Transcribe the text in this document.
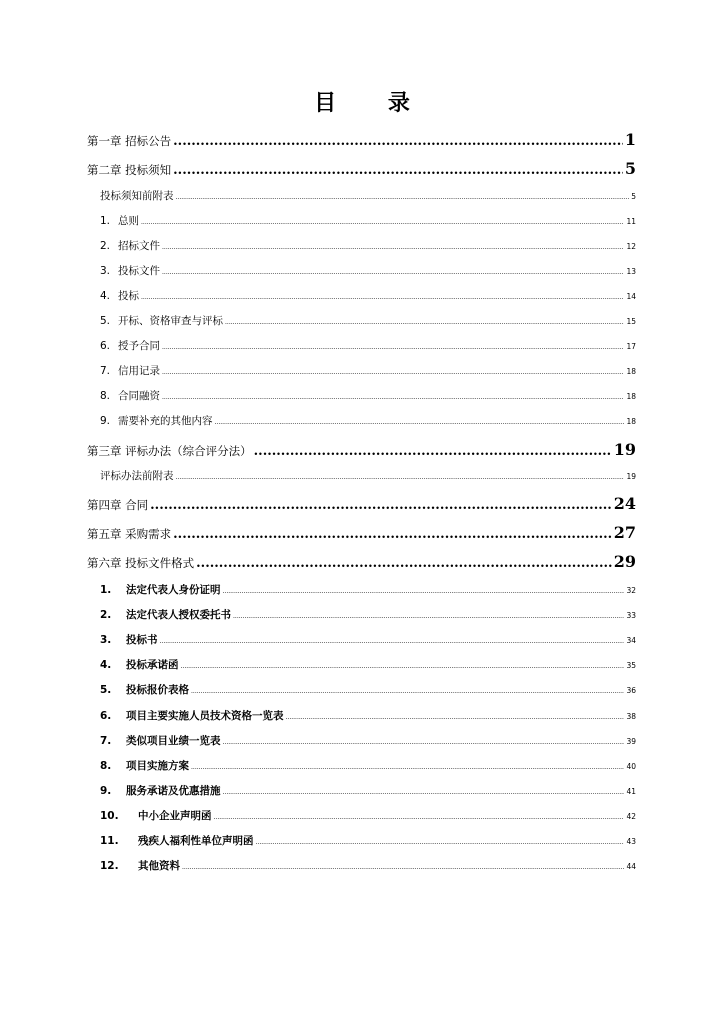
目 录
第一章 招标公告 .....	1
第二章 投标须知 .....	5
投标须知前附表 .....	5
1. 总则 .....	11
2. 招标文件 .....	12
3. 投标文件 .....	13
4. 投标 .....	14
5. 开标、资格审查与评标 .....	15
6. 授予合同 .....	17
7. 信用记录 .....	18
8. 合同融资 .....	18
9. 需要补充的其他内容 .....	18
第三章 评标办法（综合评分法） .....	19
评标办法前附表 .....	19
第四章 合同 .....	24
第五章 采购需求 .....	27
第六章 投标文件格式 .....	29
1. 法定代表人身份证明 .....	32
2. 法定代表人授权委托书 .....	33
3. 投标书 .....	34
4. 投标承诺函 .....	35
5. 投标报价表格 .....	36
6. 项目主要实施人员技术资格一览表 .....	38
7. 类似项目业绩一览表 .....	39
8. 项目实施方案 .....	40
9. 服务承诺及优惠措施 .....	41
10. 中小企业声明函 .....	42
11. 残疾人福利性单位声明函 .....	43
12. 其他资料 .....	44
